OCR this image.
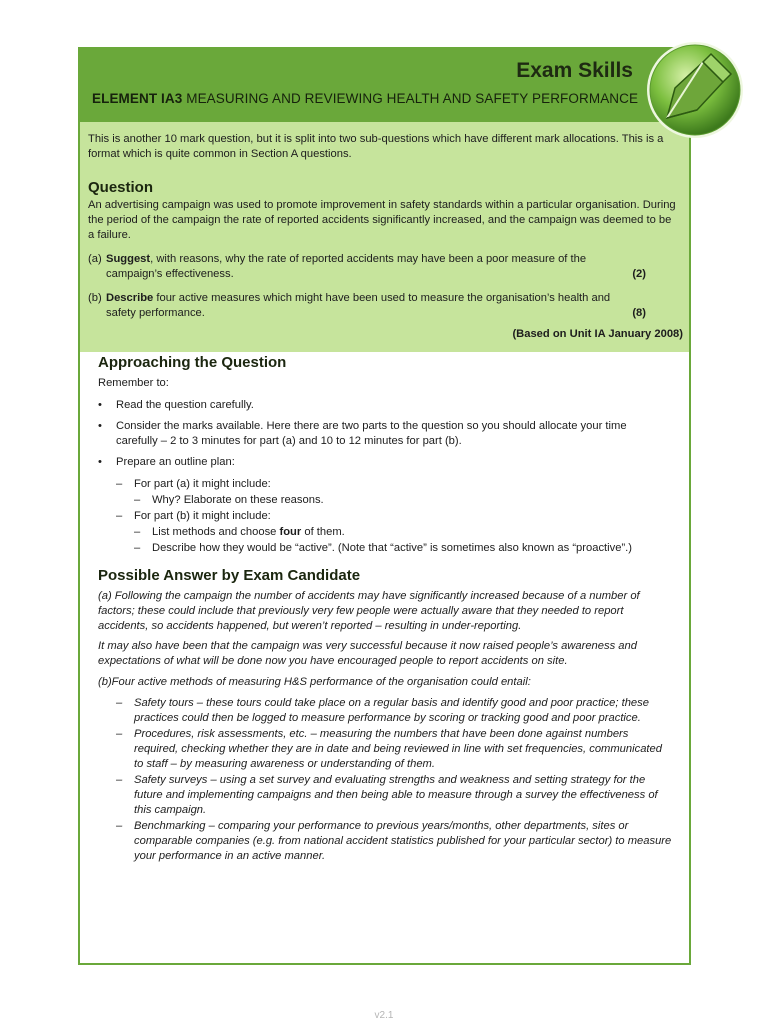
Exam Skills
ELEMENT IA3 MEASURING AND REVIEWING HEALTH AND SAFETY PERFORMANCE

This is another 10 mark question, but it is split into two sub-questions which have different mark allocations. This is a format which is quite common in Section A questions.

Question

An advertising campaign was used to promote improvement in safety standards within a particular organisation. During the period of the campaign the rate of reported accidents significantly increased, and the campaign was deemed to be a failure.

(a) Suggest, with reasons, why the rate of reported accidents may have been a poor measure of the campaign’s effectiveness.	(2)
(b) Describe four active measures which might have been used to measure the organisation’s health and safety performance.	(8)
(Based on Unit IA January 2008)
Approaching the Question
Remember to:
• Read the question carefully.
• Consider the marks available. Here there are two parts to the question so you should allocate your time carefully – 2 to 3 minutes for part (a) and 10 to 12 minutes for part (b).
• Prepare an outline plan:
– For part (a) it might include:
– Why? Elaborate on these reasons.
– For part (b) it might include:
– List methods and choose four of them.
– Describe how they would be “active”. (Note that “active” is sometimes also known as “proactive”.)
Possible Answer by Exam Candidate

(a) Following the campaign the number of accidents may have significantly increased because of a number of factors; these could include that previously very few people were actually aware that they needed to report accidents, so accidents happened, but weren’t reported – resulting in under-reporting.

It may also have been that the campaign was very successful because it now raised people’s awareness and expectations of what will be done now you have encouraged people to report accidents on site.

(b)Four active methods of measuring H&S performance of the organisation could entail:

– Safety tours – these tours could take place on a regular basis and identify good and poor practice; these practices could then be logged to measure performance by scoring or tracking good and poor practice.
– Procedures, risk assessments, etc. – measuring the numbers that have been done against numbers required, checking whether they are in date and being reviewed in line with set frequencies, communicated to staff – by measuring awareness or understanding of them.
– Safety surveys – using a set survey and evaluating strengths and weakness and setting strategy for the future and implementing campaigns and then being able to measure through a survey the effectiveness of this campaign.
– Benchmarking – comparing your performance to previous years/months, other departments, sites or comparable companies (e.g. from national accident statistics published for your particular sector) to measure your performance in an active manner.
v2.1
